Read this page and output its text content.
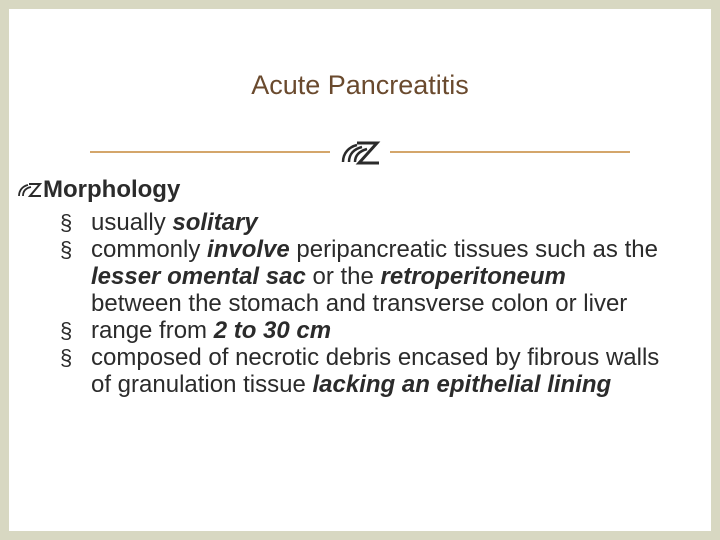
Acute Pancreatitis
Morphology
§ usually solitary
§ commonly involve peripancreatic tissues such as the lesser omental sac or the retroperitoneum between the stomach and transverse colon or liver
§ range from 2 to 30 cm
§ composed of necrotic debris encased by fibrous walls of granulation tissue lacking an epithelial lining
